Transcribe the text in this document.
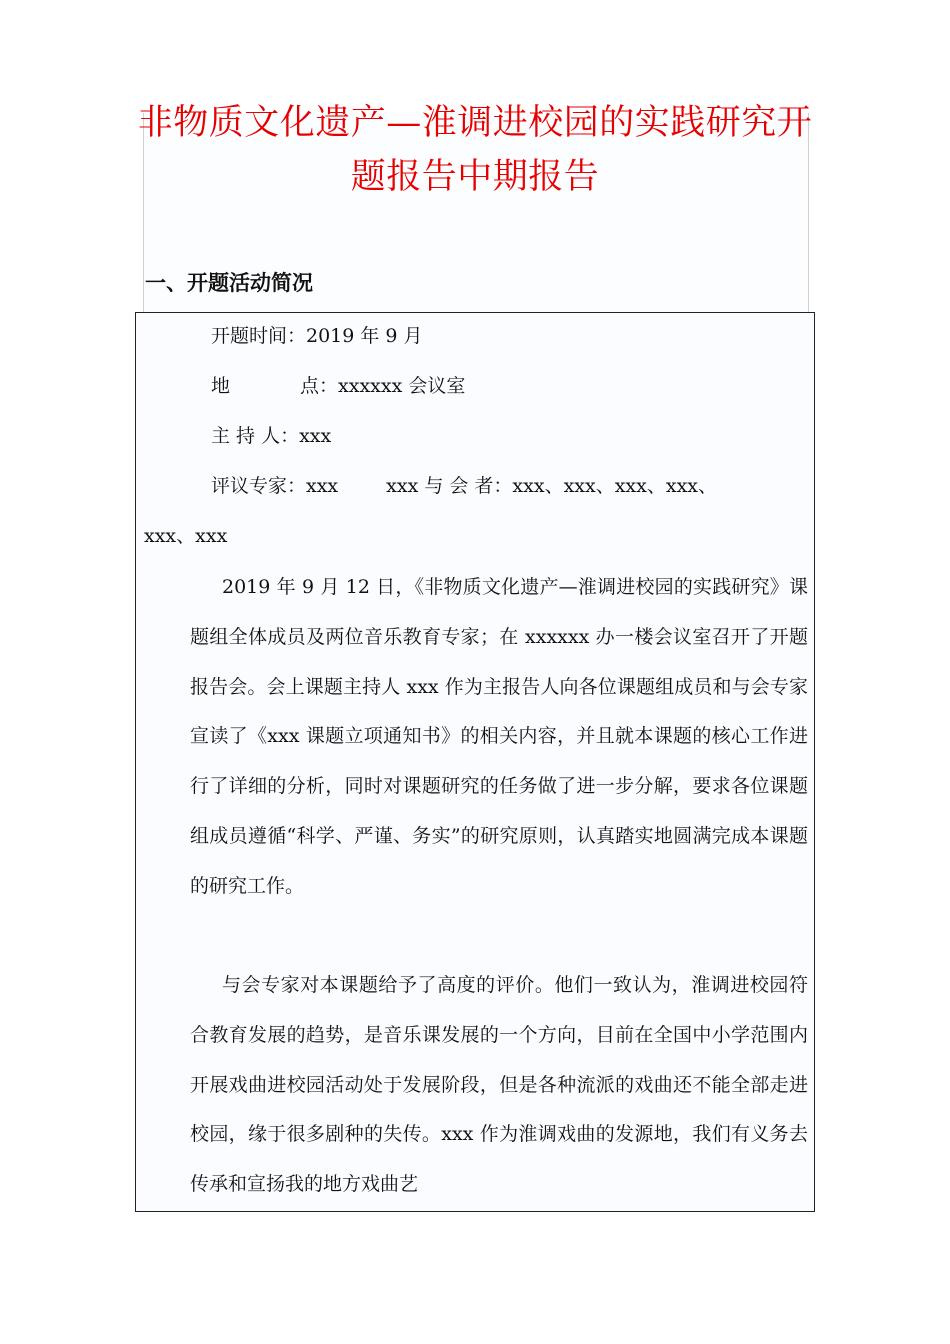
非物质文化遗产—淮调进校园的实践研究开题报告中期报告
一、开题活动简况
开题时间：2019 年 9 月
地	点：xxxxxx 会议室
主 持 人：xxx
评议专家：xxx	xxx 与 会 者：xxx、xxx、xxx、xxx、
xxx、xxx

2019 年 9 月 12 日，《非物质文化遗产—淮调进校园的实践研究》课题组全体成员及两位音乐教育专家；在 xxxxxx 办一楼会议室召开了开题报告会。会上课题主持人 xxx 作为主报告人向各位课题组成员和与会专家宣读了《xxx 课题立项通知书》的相关内容，并且就本课题的核心工作进行了详细的分析，同时对课题研究的任务做了进一步分解，要求各位课题组成员遵循“科学、严谨、务实”的研究原则，认真踏实地圆满完成本课题的研究工作。

与会专家对本课题给予了高度的评价。他们一致认为，淮调进校园符合教育发展的趋势，是音乐课发展的一个方向，目前在全国中小学范围内开展戏曲进校园活动处于发展阶段，但是各种流派的戏曲还不能全部走进校园，缘于很多剧种的失传。xxx 作为淮调戏曲的发源地，我们有义务去传承和宣扬我的地方戏曲艺
